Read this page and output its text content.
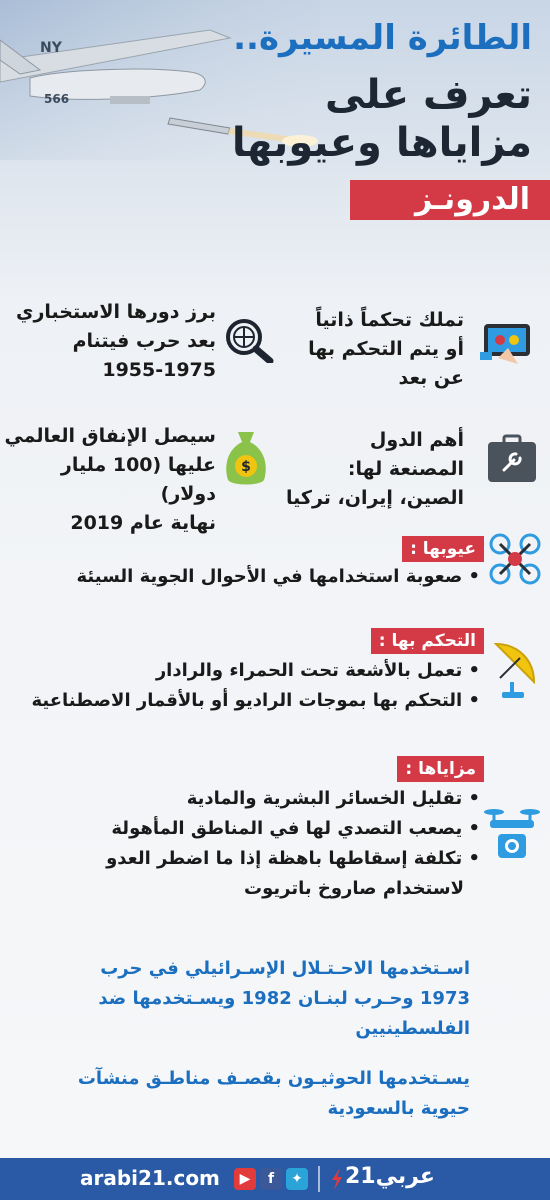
NY
566
الطائرة المسيرة..
تعرف على
مزاياها وعيوبها
الدرونـز
تملك تحكماً ذاتياً
أو يتم التحكم بها
عن بعد
برز دورها الاستخباري
بعد حرب فيتنام
1955-1975
أهم الدول
المصنعة لها:
الصين، إيران، تركيا
$
سيصل الإنفاق العالمي
عليها (100 مليار دولار)
نهاية عام 2019
عيوبها :
• صعوبة استخدامها في الأحوال الجوية السيئة
التحكم بها :
• تعمل بالأشعة تحت الحمراء والرادار
• التحكم بها بموجات الراديو أو بالأقمار الاصطناعية
مزاياها :
• تقليل الخسائر البشرية والمادية
• يصعب التصدي لها في المناطق المأهولة
• تكلفة إسقاطها باهظة إذا ما اضطر العدو
لاستخدام صاروخ باتريوت
اسـتخدمها الاحـتـلال الإسـرائيلي في حرب 1973 وحـرب لبنـان 1982 ويسـتخدمها ضد الفلسطينيين
يسـتخدمها الحوثيـون بقصـف مناطـق منشآت حيوية بالسعودية
arabi21.com	▶	f	✦ عربي21
